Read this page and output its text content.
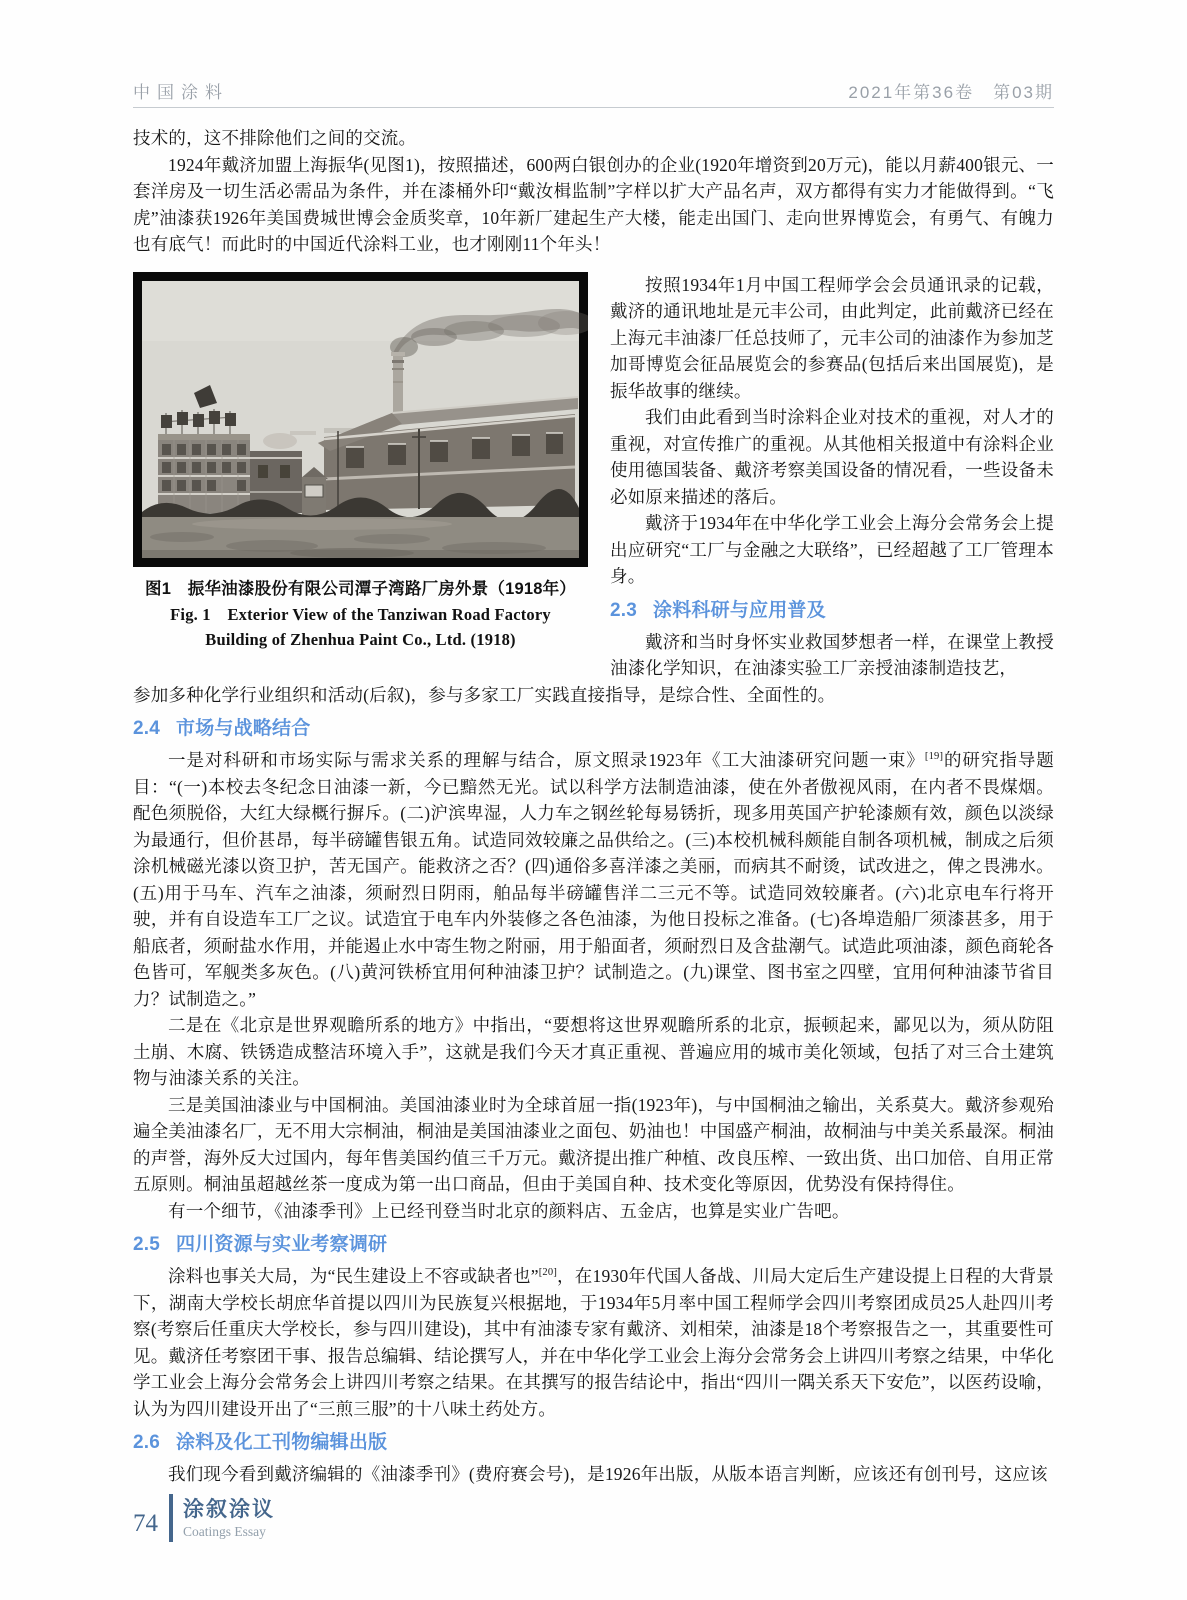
中国涂料	2021年第36卷　第03期

技术的，这不排除他们之间的交流。

1924年戴济加盟上海振华(见图1)，按照描述，600两白银创办的企业(1920年增资到20万元)，能以月薪400银元、一套洋房及一切生活必需品为条件，并在漆桶外印“戴汝楫监制”字样以扩大产品名声，双方都得有实力才能做得到。“飞虎”油漆获1926年美国费城世博会金质奖章，10年新厂建起生产大楼，能走出国门、走向世界博览会，有勇气、有魄力也有底气！而此时的中国近代涂料工业，也才刚刚11个年头！

图1　振华油漆股份有限公司潭子湾路厂房外景（1918年）
Fig. 1　Exterior View of the Tanziwan Road Factory
Building of Zhenhua Paint Co., Ltd. (1918)

按照1934年1月中国工程师学会会员通讯录的记载，戴济的通讯地址是元丰公司，由此判定，此前戴济已经在上海元丰油漆厂任总技师了，元丰公司的油漆作为参加芝加哥博览会征品展览会的参赛品(包括后来出国展览)，是振华故事的继续。

我们由此看到当时涂料企业对技术的重视，对人才的重视，对宣传推广的重视。从其他相关报道中有涂料企业使用德国装备、戴济考察美国设备的情况看，一些设备未必如原来描述的落后。

戴济于1934年在中华化学工业会上海分会常务会上提出应研究“工厂与金融之大联络”，已经超越了工厂管理本身。

2.3 涂料科研与应用普及

戴济和当时身怀实业救国梦想者一样，在课堂上教授油漆化学知识，在油漆实验工厂亲授油漆制造技艺，

参加多种化学行业组织和活动(后叙)，参与多家工厂实践直接指导，是综合性、全面性的。

2.4 市场与战略结合

一是对科研和市场实际与需求关系的理解与结合，原文照录1923年《工大油漆研究问题一束》[19]的研究指导题目：“(一)本校去冬纪念日油漆一新，今已黯然无光。试以科学方法制造油漆，使在外者傲视风雨，在内者不畏煤烟。配色须脱俗，大红大绿概行摒斥。(二)沪滨卑湿，人力车之钢丝轮每易锈折，现多用英国产护轮漆颇有效，颜色以淡绿为最通行，但价甚昂，每半磅罐售银五角。试造同效较廉之品供给之。(三)本校机械科颇能自制各项机械，制成之后须涂机械磁光漆以资卫护，苦无国产。能救济之否？(四)通俗多喜洋漆之美丽，而病其不耐烫，试改进之，俾之畏沸水。(五)用于马车、汽车之油漆，须耐烈日阴雨，舶品每半磅罐售洋二三元不等。试造同效较廉者。(六)北京电车行将开驶，并有自设造车工厂之议。试造宜于电车内外装修之各色油漆，为他日投标之准备。(七)各埠造船厂须漆甚多，用于船底者，须耐盐水作用，并能遏止水中寄生物之附丽，用于船面者，须耐烈日及含盐潮气。试造此项油漆，颜色商轮各色皆可，军舰类多灰色。(八)黄河铁桥宜用何种油漆卫护？试制造之。(九)课堂、图书室之四壁，宜用何种油漆节省目力？试制造之。”

二是在《北京是世界观瞻所系的地方》中指出，“要想将这世界观瞻所系的北京，振顿起来，鄙见以为，须从防阻土崩、木腐、铁锈造成整洁环境入手”，这就是我们今天才真正重视、普遍应用的城市美化领域，包括了对三合土建筑物与油漆关系的关注。

三是美国油漆业与中国桐油。美国油漆业时为全球首屈一指(1923年)，与中国桐油之输出，关系莫大。戴济参观殆遍全美油漆名厂，无不用大宗桐油，桐油是美国油漆业之面包、奶油也！中国盛产桐油，故桐油与中美关系最深。桐油的声誉，海外反大过国内，每年售美国约值三千万元。戴济提出推广种植、改良压榨、一致出货、出口加倍、自用正常五原则。桐油虽超越丝茶一度成为第一出口商品，但由于美国自种、技术变化等原因，优势没有保持得住。

有一个细节，《油漆季刊》上已经刊登当时北京的颜料店、五金店，也算是实业广告吧。

2.5 四川资源与实业考察调研

涂料也事关大局，为“民生建设上不容或缺者也”[20]，在1930年代国人备战、川局大定后生产建设提上日程的大背景下，湖南大学校长胡庶华首提以四川为民族复兴根据地，于1934年5月率中国工程师学会四川考察团成员25人赴四川考察(考察后任重庆大学校长，参与四川建设)，其中有油漆专家有戴济、刘相荣，油漆是18个考察报告之一，其重要性可见。戴济任考察团干事、报告总编辑、结论撰写人，并在中华化学工业会上海分会常务会上讲四川考察之结果，中华化学工业会上海分会常务会上讲四川考察之结果。在其撰写的报告结论中，指出“四川一隅关系天下安危”，以医药设喻，认为为四川建设开出了“三煎三服”的十八味土药处方。

2.6 涂料及化工刊物编辑出版

我们现今看到戴济编辑的《油漆季刊》(费府赛会号)，是1926年出版，从版本语言判断，应该还有创刊号，这应该

74
涂叙涂议
Coatings Essay
